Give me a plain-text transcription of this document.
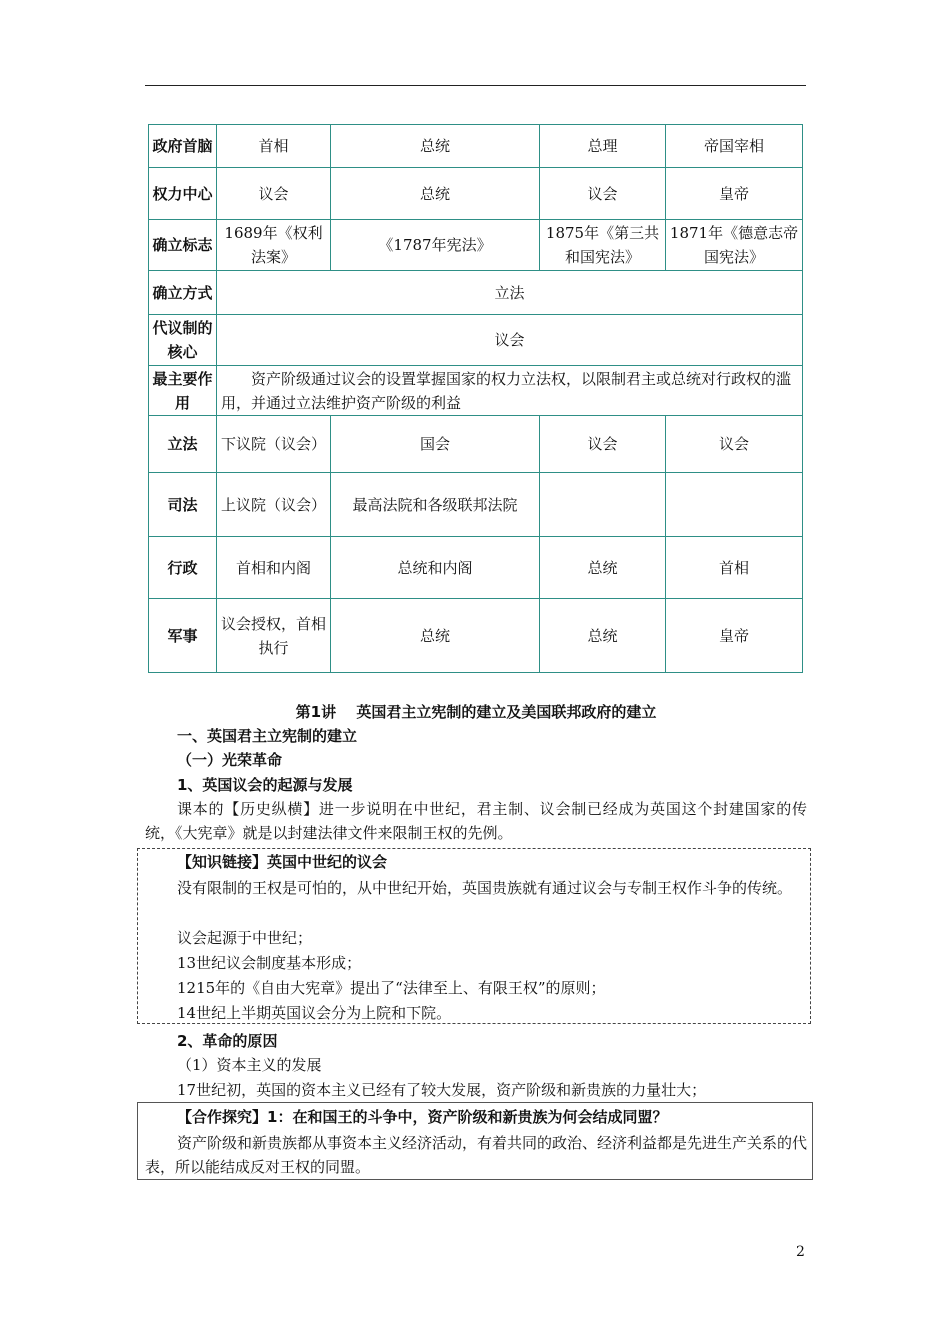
政府首脑	首相	总统	总理	帝国宰相
权力中心	议会	总统	议会	皇帝
确立标志	1689年《权利法案》	《1787年宪法》	1875年《第三共和国宪法》	1871年《德意志帝国宪法》
确立方式	立法			
代议制的核心	议会			
最主要作用	资产阶级通过议会的设置掌握国家的权力立法权，以限制君主或总统对行政权的滥用，并通过立法维护资产阶级的利益			
立法	下议院（议会）	国会	议会	议会
司法	上议院（议会）	最高法院和各级联邦法院		
行政	首相和内阁	总统和内阁	总统	首相
军事	议会授权，首相执行	总统	总统	皇帝
第1讲　 英国君主立宪制的建立及美国联邦政府的建立
一、英国君主立宪制的建立
（一）光荣革命
1、英国议会的起源与发展
课本的【历史纵横】进一步说明在中世纪，君主制、议会制已经成为英国这个封建国家的传统，《大宪章》就是以封建法律文件来限制王权的先例。
【知识链接】英国中世纪的议会
没有限制的王权是可怕的，从中世纪开始，英国贵族就有通过议会与专制王权作斗争的传统。
议会起源于中世纪；
13世纪议会制度基本形成；
1215年的《自由大宪章》提出了“法律至上、有限王权”的原则；
14世纪上半期英国议会分为上院和下院。
2、革命的原因
（1）资本主义的发展
17世纪初，英国的资本主义已经有了较大发展，资产阶级和新贵族的力量壮大；
【合作探究】1：在和国王的斗争中，资产阶级和新贵族为何会结成同盟？
资产阶级和新贵族都从事资本主义经济活动，有着共同的政治、经济利益都是先进生产关系的代表，所以能结成反对王权的同盟。
2
